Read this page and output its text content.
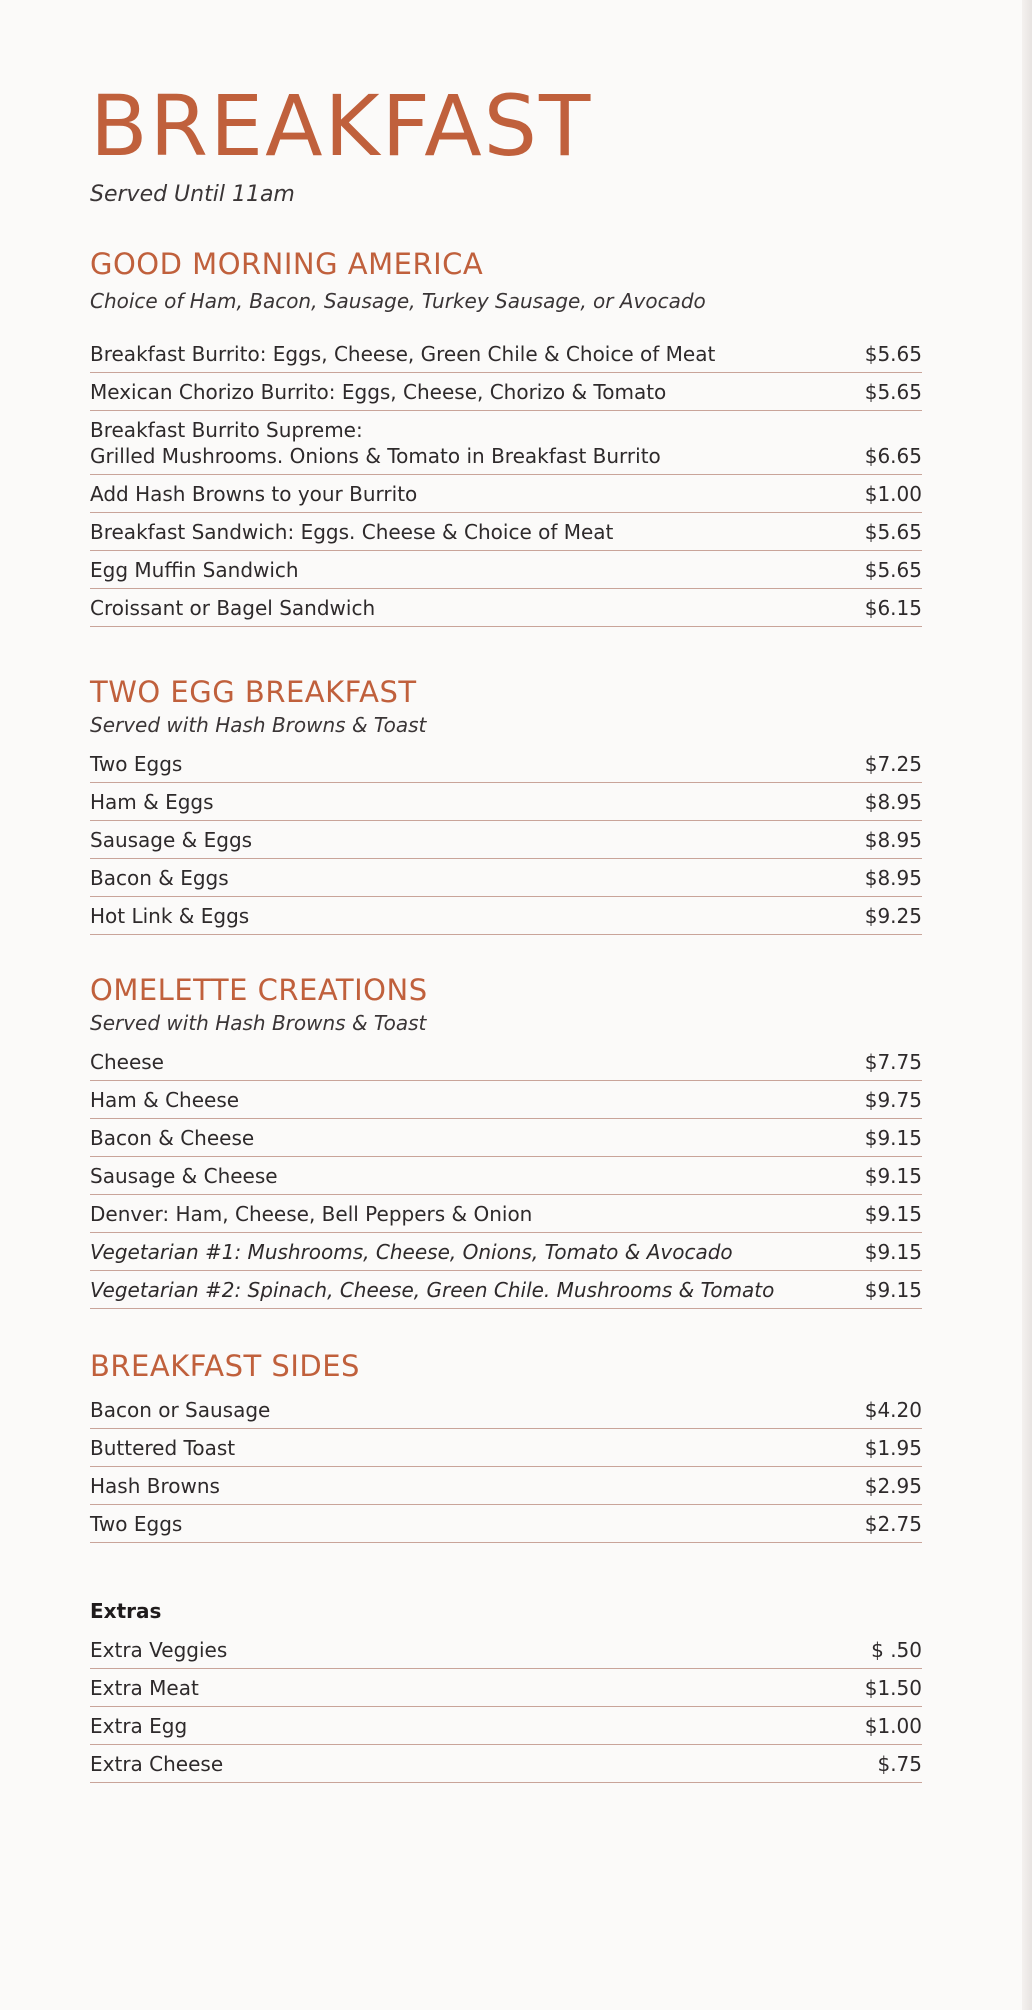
BREAKFAST

Served Until 11am

GOOD MORNING AMERICA

Choice of Ham, Bacon, Sausage, Turkey Sausage, or Avocado

Breakfast Burrito: Eggs, Cheese, Green Chile & Choice of Meat	$5.65
Mexican Chorizo Burrito: Eggs, Cheese, Chorizo & Tomato	$5.65
Breakfast Burrito Supreme:
Grilled Mushrooms. Onions & Tomato in Breakfast Burrito	$6.65
Add Hash Browns to your Burrito	$1.00
Breakfast Sandwich: Eggs. Cheese & Choice of Meat	$5.65
Egg Muffin Sandwich	$5.65
Croissant or Bagel Sandwich	$6.15
TWO EGG BREAKFAST

Served with Hash Browns & Toast

Two Eggs	$7.25
Ham & Eggs	$8.95
Sausage & Eggs	$8.95
Bacon & Eggs	$8.95
Hot Link & Eggs	$9.25
OMELETTE CREATIONS

Served with Hash Browns & Toast

Cheese	$7.75
Ham & Cheese	$9.75
Bacon & Cheese	$9.15
Sausage & Cheese	$9.15
Denver: Ham, Cheese, Bell Peppers & Onion	$9.15
Vegetarian #1: Mushrooms, Cheese, Onions, Tomato & Avocado	$9.15
Vegetarian #2: Spinach, Cheese, Green Chile. Mushrooms & Tomato	$9.15
BREAKFAST SIDES
Bacon or Sausage	$4.20
Buttered Toast	$1.95
Hash Browns	$2.95
Two Eggs	$2.75
Extras
Extra Veggies	$ .50
Extra Meat	$1.50
Extra Egg	$1.00
Extra Cheese	$.75
